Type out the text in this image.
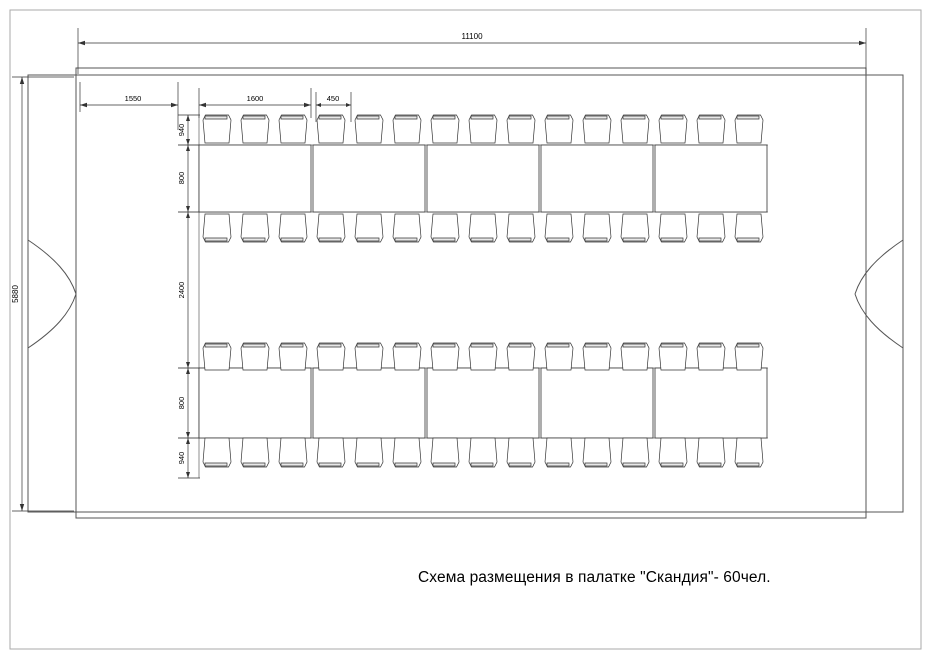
11100
5880
1550	1600	450
940
800
2400
800
940
Схема размещения в палатке "Скандия"- 60чел.
